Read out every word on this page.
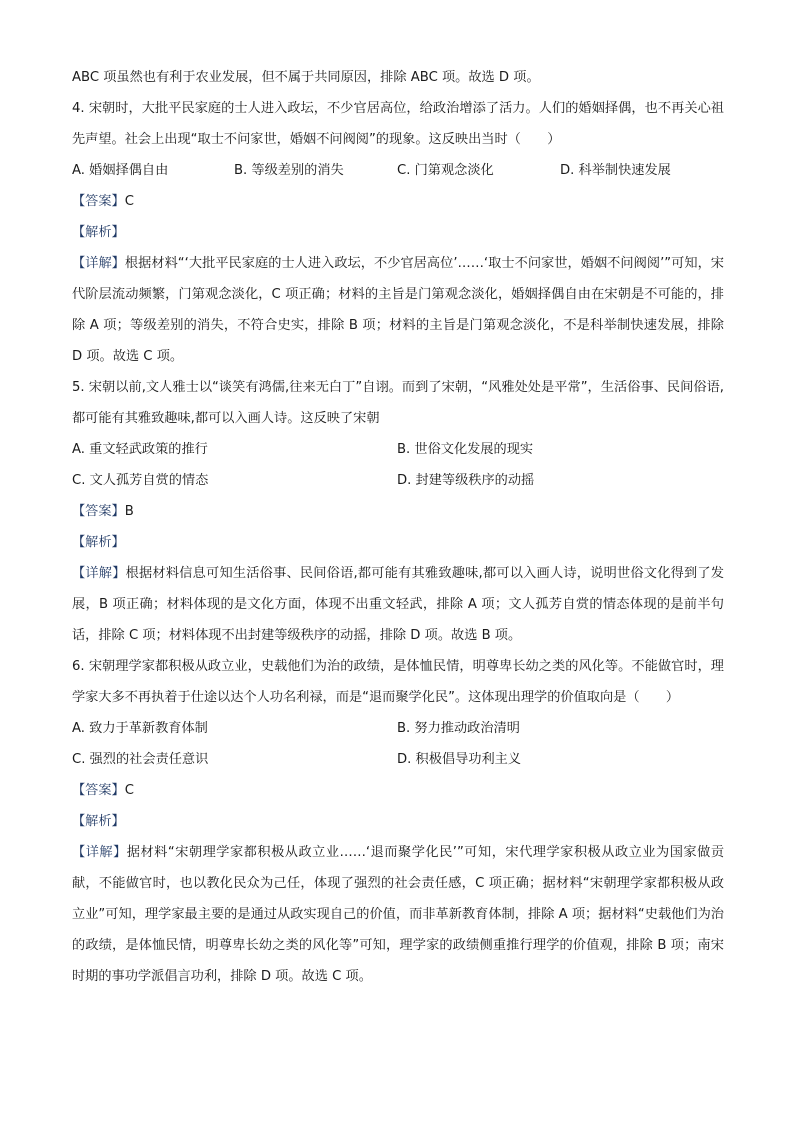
ABC 项虽然也有利于农业发展，但不属于共同原因，排除 ABC 项。故选 D 项。
4. 宋朝时，大批平民家庭的士人进入政坛，不少官居高位，给政治增添了活力。人们的婚姻择偶，也不再关心祖先声望。社会上出现“取士不问家世，婚姻不问阀阅”的现象。这反映出当时（　　）
A. 婚姻择偶自由	B. 等级差别的消失	C. 门第观念淡化	D. 科举制快速发展
【答案】C
【解析】
【详解】根据材料“‘大批平民家庭的士人进入政坛，不少官居高位’……‘取士不问家世，婚姻不问阀阅’”可知，宋代阶层流动频繁，门第观念淡化，C 项正确；材料的主旨是门第观念淡化，婚姻择偶自由在宋朝是不可能的，排除 A 项；等级差别的消失，不符合史实，排除 B 项；材料的主旨是门第观念淡化，不是科举制快速发展，排除 D 项。故选 C 项。
5. 宋朝以前,文人雅士以“谈笑有鸿儒,往来无白丁”自诩。而到了宋朝，“风雅处处是平常”，生活俗事、民间俗语,都可能有其雅致趣味,都可以入画人诗。这反映了宋朝
A. 重文轻武政策的推行	B. 世俗文化发展的现实
C. 文人孤芳自赏的情态	D. 封建等级秩序的动摇
【答案】B
【解析】
【详解】根据材料信息可知生活俗事、民间俗语,都可能有其雅致趣味,都可以入画人诗，说明世俗文化得到了发展，B 项正确；材料体现的是文化方面，体现不出重文轻武，排除 A 项；文人孤芳自赏的情态体现的是前半句话，排除 C 项；材料体现不出封建等级秩序的动摇，排除 D 项。故选 B 项。
6. 宋朝理学家都积极从政立业，史载他们为治的政绩，是体恤民情，明尊卑长幼之类的风化等。不能做官时，理学家大多不再执着于仕途以达个人功名利禄，而是“退而聚学化民”。这体现出理学的价值取向是（　　）
A. 致力于革新教育体制	B. 努力推动政治清明
C. 强烈的社会责任意识	D. 积极倡导功利主义
【答案】C
【解析】
【详解】据材料“宋朝理学家都积极从政立业……‘退而聚学化民’”可知，宋代理学家积极从政立业为国家做贡献，不能做官时，也以教化民众为己任，体现了强烈的社会责任感，C 项正确；据材料“宋朝理学家都积极从政立业”可知，理学家最主要的是通过从政实现自己的价值，而非革新教育体制，排除 A 项；据材料“史载他们为治的政绩，是体恤民情，明尊卑长幼之类的风化等”可知，理学家的政绩侧重推行理学的价值观，排除 B 项；南宋时期的事功学派倡言功利，排除 D 项。故选 C 项。
